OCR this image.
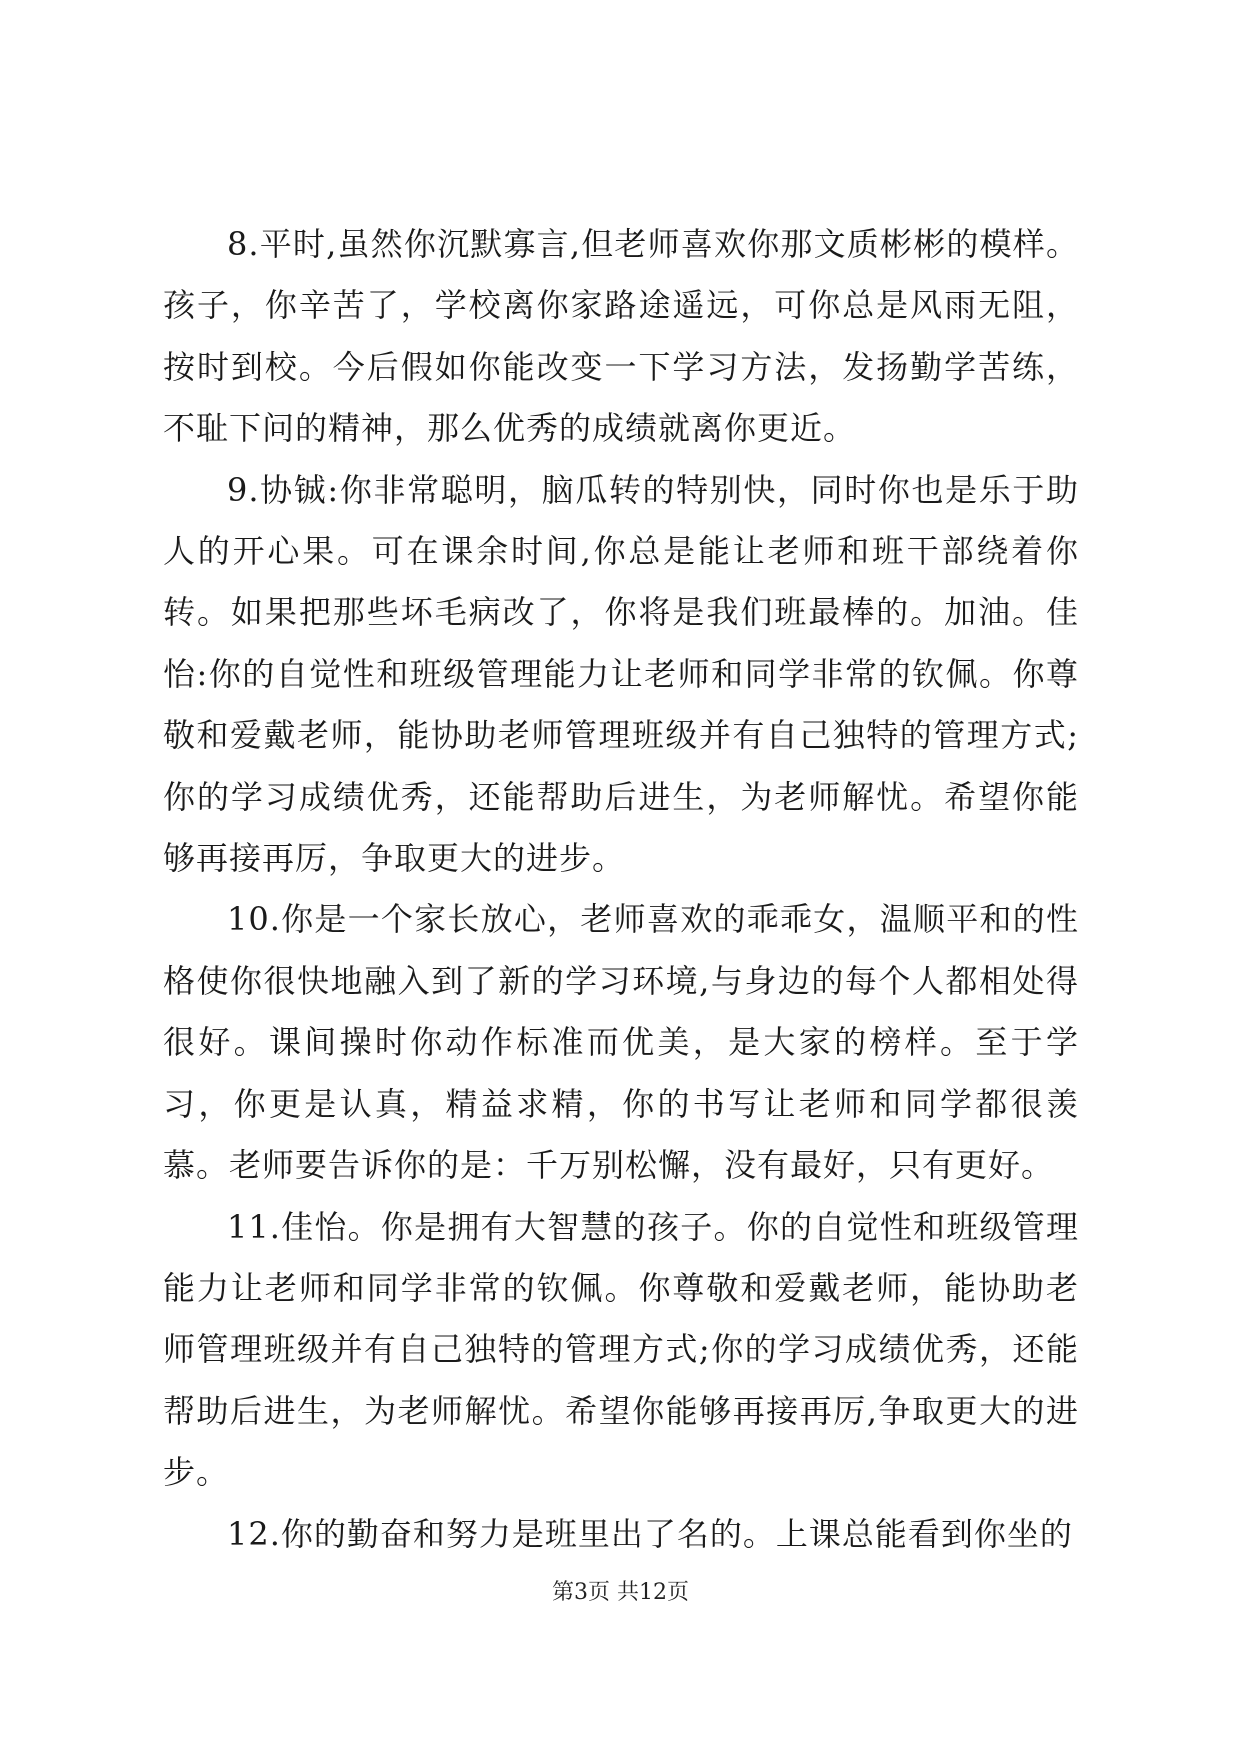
8.平时,虽然你沉默寡言,但老师喜欢你那文质彬彬的模样。孩子，你辛苦了，学校离你家路途遥远，可你总是风雨无阻，按时到校。今后假如你能改变一下学习方法，发扬勤学苦练，不耻下问的精神，那么优秀的成绩就离你更近。

9.协铖:你非常聪明，脑瓜转的特别快，同时你也是乐于助人的开心果。可在课余时间,你总是能让老师和班干部绕着你转。如果把那些坏毛病改了，你将是我们班最棒的。加油。佳怡:你的自觉性和班级管理能力让老师和同学非常的钦佩。你尊敬和爱戴老师，能协助老师管理班级并有自己独特的管理方式;你的学习成绩优秀，还能帮助后进生，为老师解忧。希望你能够再接再厉，争取更大的进步。

10.你是一个家长放心，老师喜欢的乖乖女，温顺平和的性格使你很快地融入到了新的学习环境,与身边的每个人都相处得很好。课间操时你动作标准而优美，是大家的榜样。至于学习，你更是认真，精益求精，你的书写让老师和同学都很羡慕。老师要告诉你的是：千万别松懈，没有最好，只有更好。

11.佳怡。你是拥有大智慧的孩子。你的自觉性和班级管理能力让老师和同学非常的钦佩。你尊敬和爱戴老师，能协助老师管理班级并有自己独特的管理方式;你的学习成绩优秀，还能帮助后进生，为老师解忧。希望你能够再接再厉,争取更大的进步。

12.你的勤奋和努力是班里出了名的。上课总能看到你坐的

第3页 共12页
